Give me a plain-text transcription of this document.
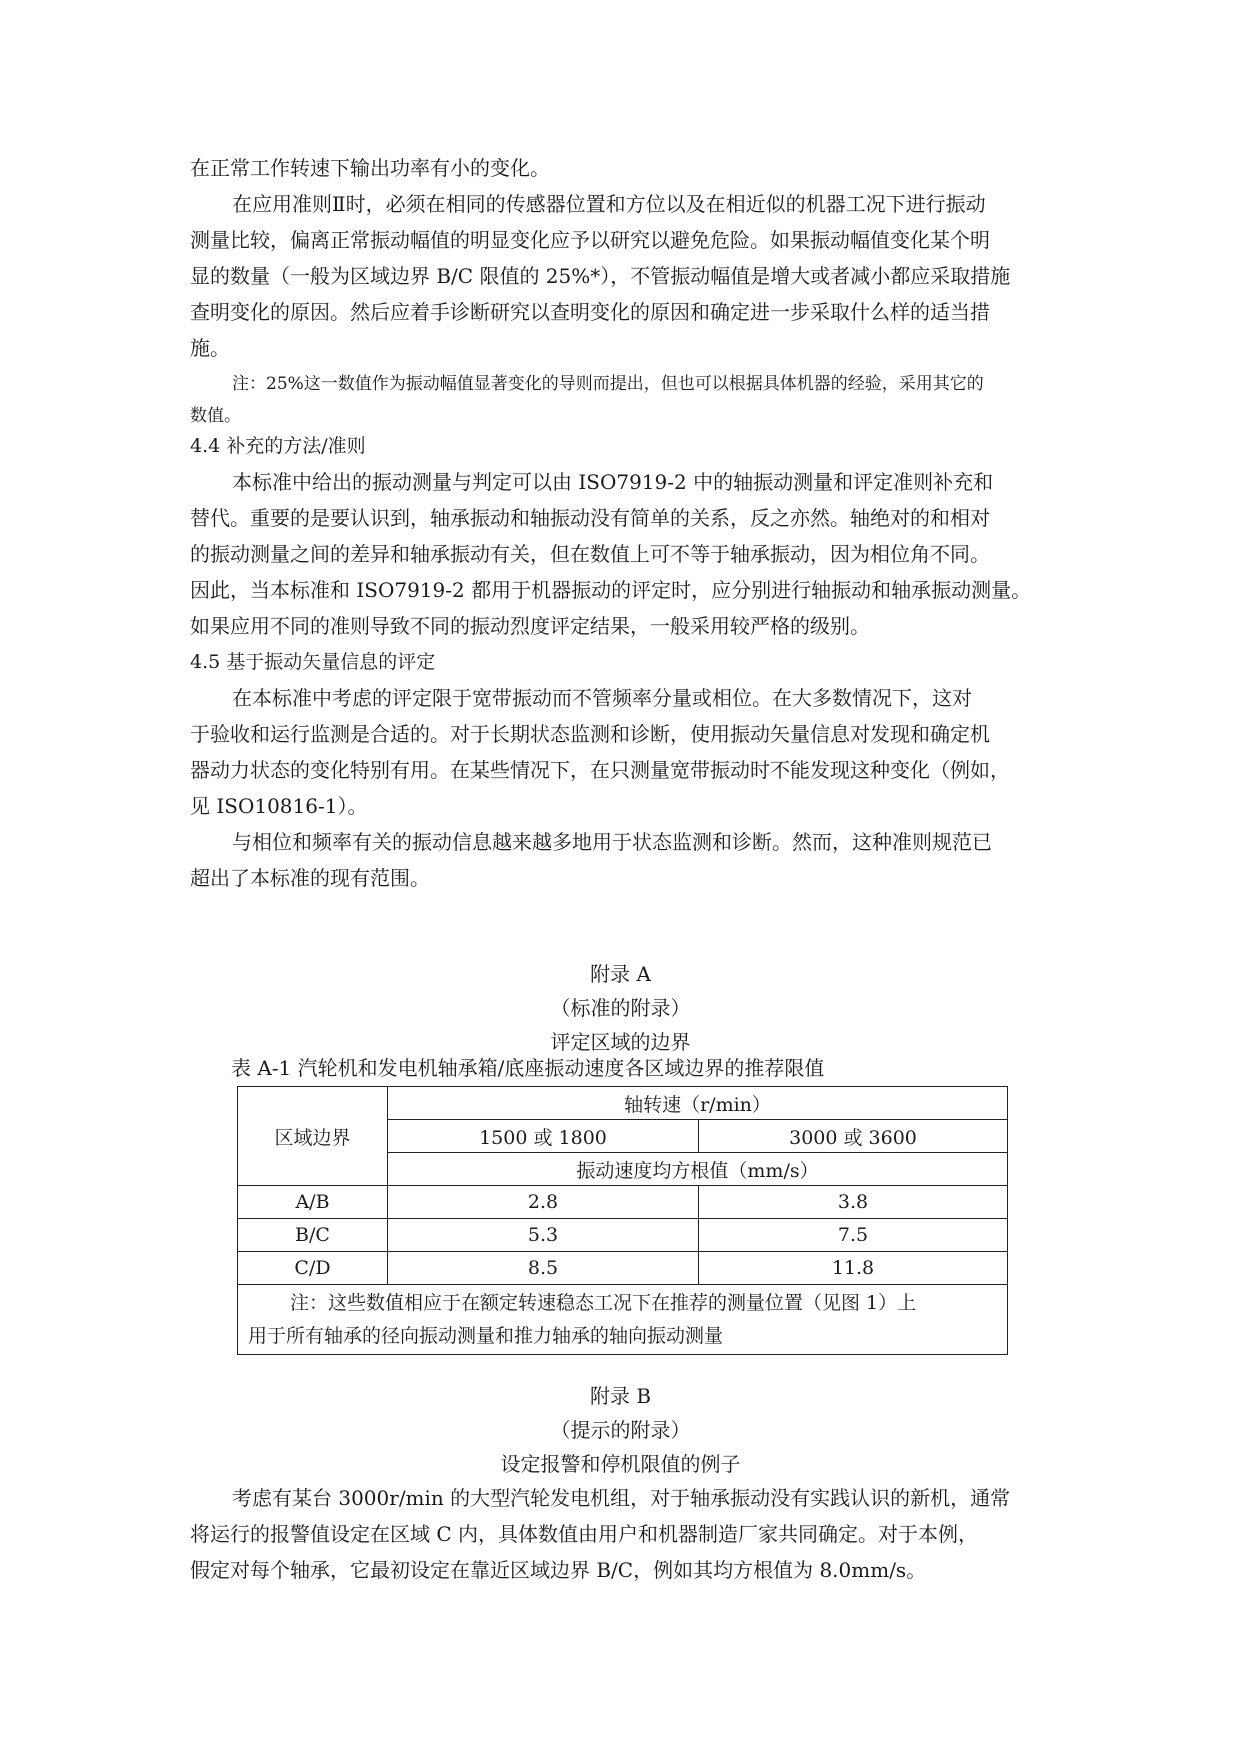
在正常工作转速下输出功率有小的变化。
在应用准则Ⅱ时，必须在相同的传感器位置和方位以及在相近似的机器工况下进行振动
测量比较，偏离正常振动幅值的明显变化应予以研究以避免危险。如果振动幅值变化某个明
显的数量（一般为区域边界 B/C 限值的 25%*），不管振动幅值是增大或者减小都应采取措施
查明变化的原因。然后应着手诊断研究以查明变化的原因和确定进一步采取什么样的适当措
施。
注：25%这一数值作为振动幅值显著变化的导则而提出，但也可以根据具体机器的经验，采用其它的
数值。
4.4 补充的方法/准则
本标准中给出的振动测量与判定可以由 ISO7919-2 中的轴振动测量和评定准则补充和
替代。重要的是要认识到，轴承振动和轴振动没有简单的关系，反之亦然。轴绝对的和相对
的振动测量之间的差异和轴承振动有关，但在数值上可不等于轴承振动，因为相位角不同。
因此，当本标准和 ISO7919-2 都用于机器振动的评定时，应分别进行轴振动和轴承振动测量。
如果应用不同的准则导致不同的振动烈度评定结果，一般采用较严格的级别。
4.5 基于振动矢量信息的评定
在本标准中考虑的评定限于宽带振动而不管频率分量或相位。在大多数情况下，这对
于验收和运行监测是合适的。对于长期状态监测和诊断，使用振动矢量信息对发现和确定机
器动力状态的变化特别有用。在某些情况下，在只测量宽带振动时不能发现这种变化（例如，
见 ISO10816-1）。
与相位和频率有关的振动信息越来越多地用于状态监测和诊断。然而，这种准则规范已
超出了本标准的现有范围。
附录 A
（标准的附录）
评定区域的边界
表 A-1 汽轮机和发电机轴承箱/底座振动速度各区域边界的推荐限值
区域边界	轴转速（r/min）	
	1500 或 1800	3000 或 3600
	振动速度均方根值（mm/s）	
A/B	2.8	3.8
B/C	5.3	7.5
C/D	8.5	11.8
注：这些数值相应于在额定转速稳态工况下在推荐的测量位置（见图 1）上
用于所有轴承的径向振动测量和推力轴承的轴向振动测量		
附录 B
（提示的附录）
设定报警和停机限值的例子
考虑有某台 3000r/min 的大型汽轮发电机组，对于轴承振动没有实践认识的新机，通常
将运行的报警值设定在区域 C 内，具体数值由用户和机器制造厂家共同确定。对于本例，
假定对每个轴承，它最初设定在靠近区域边界 B/C，例如其均方根值为 8.0mm/s。
